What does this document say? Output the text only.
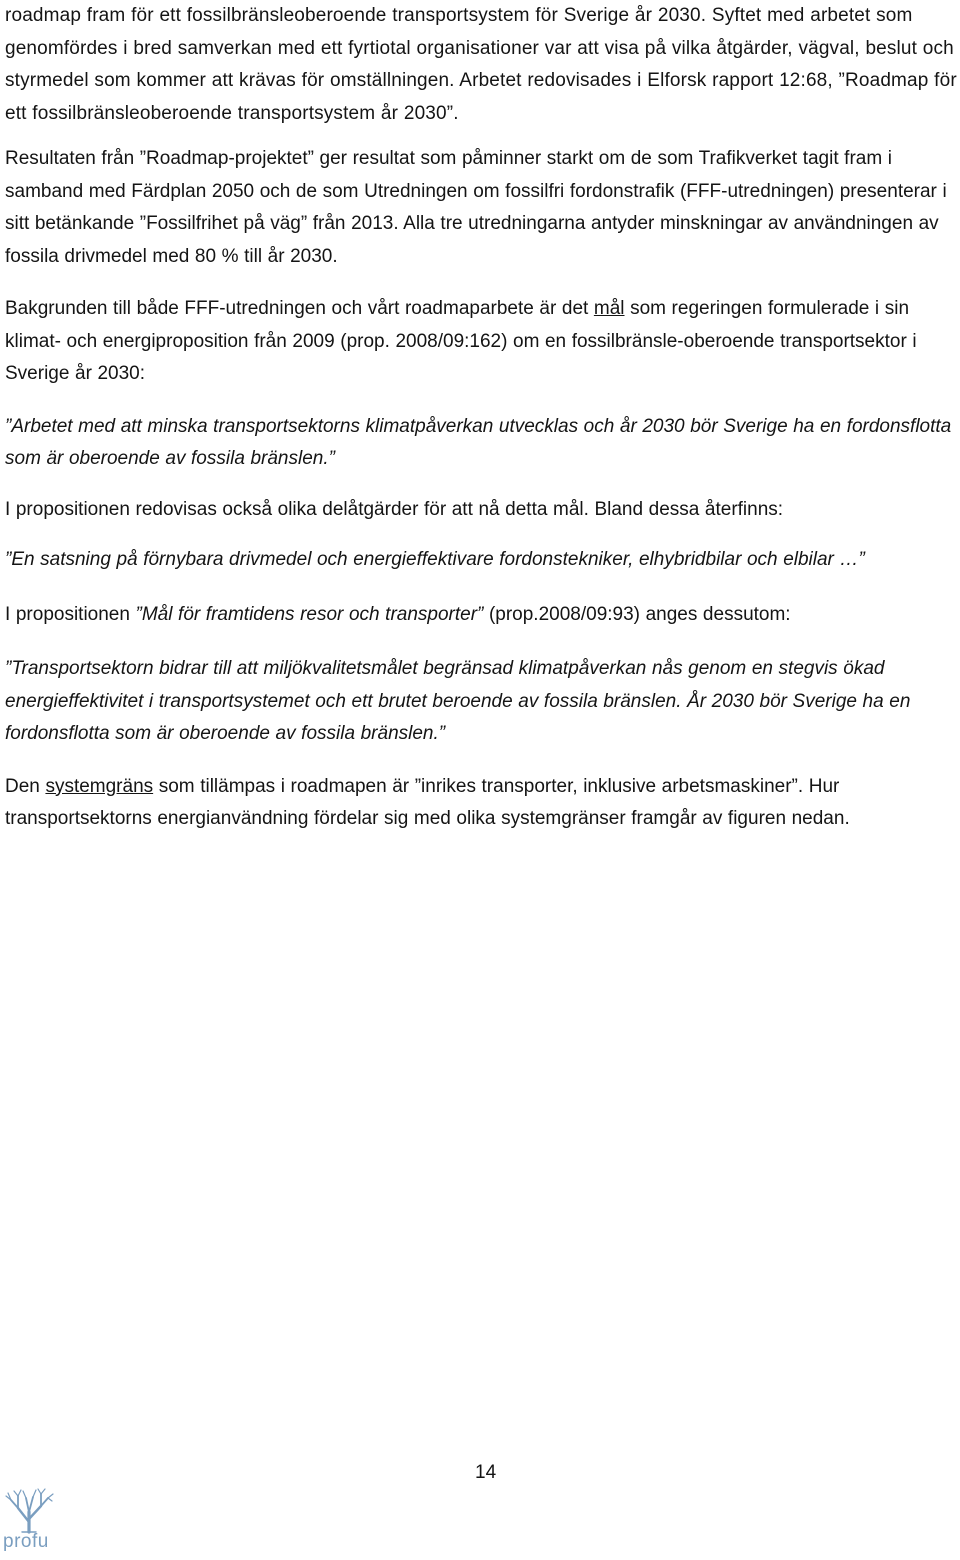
roadmap fram för ett fossilbränsleoberoende transportsystem för Sverige år 2030. Syftet med arbetet som genomfördes i bred samverkan med ett fyrtiotal organisationer var att visa på vilka åtgärder, vägval, beslut och styrmedel som kommer att krävas för omställningen. Arbetet redovisades i Elforsk rapport 12:68, ”Roadmap för ett fossilbränsleoberoende transportsystem år 2030”.

Resultaten från ”Roadmap-projektet” ger resultat som påminner starkt om de som Trafikverket tagit fram i samband med Färdplan 2050 och de som Utredningen om fossilfri fordonstrafik (FFF-utredningen) presenterar i sitt betänkande ”Fossilfrihet på väg” från 2013. Alla tre utredningarna antyder minskningar av användningen av fossila drivmedel med 80 % till år 2030.

Bakgrunden till både FFF-utredningen och vårt roadmaparbete är det mål som regeringen formulerade i sin klimat- och energiproposition från 2009 (prop. 2008/09:162) om en fossilbränsle-oberoende transportsektor i Sverige år 2030:

”Arbetet med att minska transportsektorns klimatpåverkan utvecklas och år 2030 bör Sverige ha en fordonsflotta som är oberoende av fossila bränslen.”

I propositionen redovisas också olika delåtgärder för att nå detta mål. Bland dessa återfinns:

”En satsning på förnybara drivmedel och energieffektivare fordonstekniker, elhybridbilar och elbilar …”

I propositionen ”Mål för framtidens resor och transporter” (prop.2008/09:93) anges dessutom:

”Transportsektorn bidrar till att miljökvalitetsmålet begränsad klimatpåverkan nås genom en stegvis ökad energieffektivitet i transportsystemet och ett brutet beroende av fossila bränslen. År 2030 bör Sverige ha en fordonsflotta som är oberoende av fossila bränslen.”

Den systemgräns som tillämpas i roadmapen är ”inrikes transporter, inklusive arbetsmaskiner”. Hur transportsektorns energianvändning fördelar sig med olika systemgränser framgår av figuren nedan.

14
profu
